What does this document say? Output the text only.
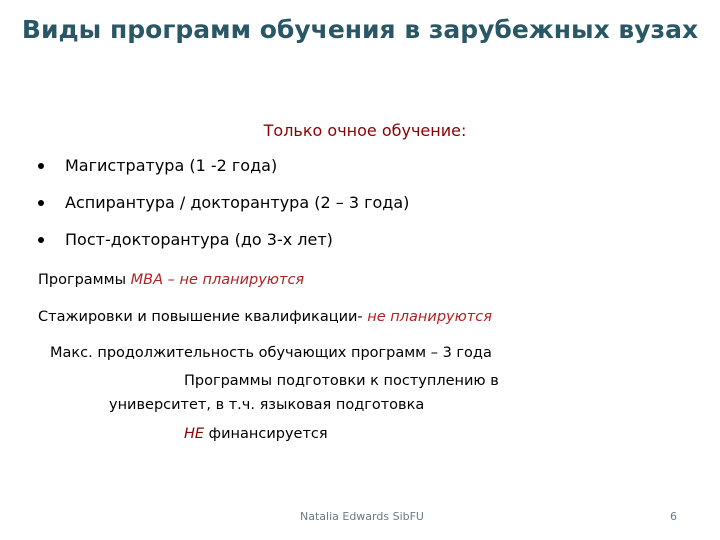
Виды программ обучения в зарубежных вузах
Только очное обучение:
Магистратура (1 -2 года)
Аспирантура / докторантура (2 – 3 года)
Пост-докторантура (до 3-х лет)
Программы MBA – не планируются
Стажировки и повышение квалификации- не планируются
Макс. продолжительность обучающих программ – 3 года
Программы подготовки к поступлению в
университет, в т.ч. языковая подготовка
НЕ финансируется
Natalia Edwards SibFU	6
